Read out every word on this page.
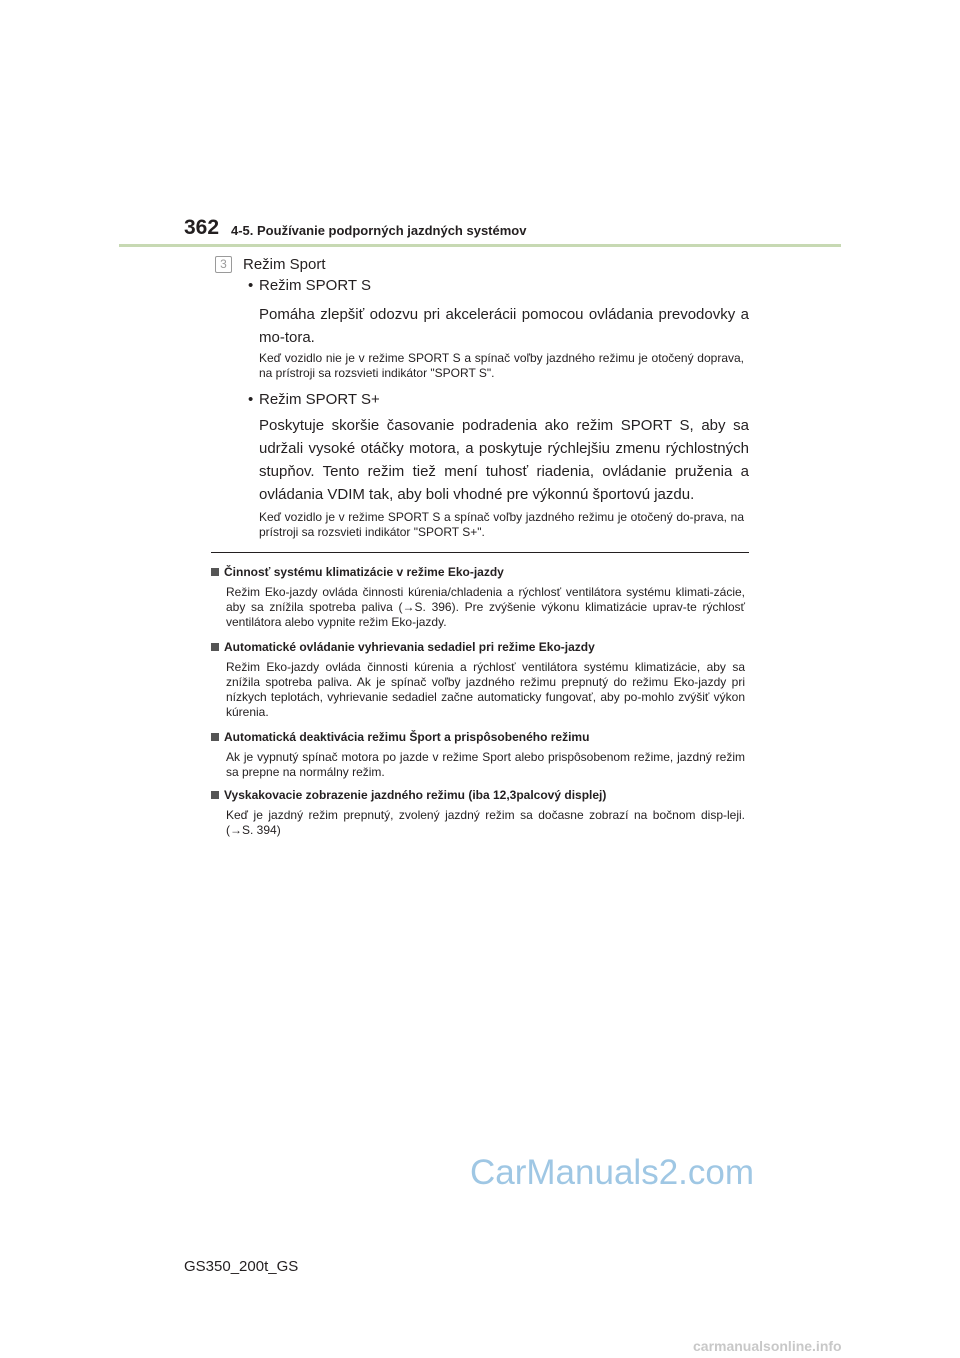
362 4-5. Používanie podporných jazdných systémov
3	Režim Sport
• Režim SPORT S

Pomáha zlepšiť odozvu pri akcelerácii pomocou ovládania prevodovky a mo-tora.

Keď vozidlo nie je v režime SPORT S a spínač voľby jazdného režimu je otočený doprava, na prístroji sa rozsvieti indikátor "SPORT S".

• Režim SPORT S+

Poskytuje skoršie časovanie podradenia ako režim SPORT S, aby sa udržali vysoké otáčky motora, a poskytuje rýchlejšiu zmenu rýchlostných stupňov. Tento režim tiež mení tuhosť riadenia, ovládanie pruženia a ovládania VDIM tak, aby boli vhodné pre výkonnú športovú jazdu.

Keď vozidlo je v režime SPORT S a spínač voľby jazdného režimu je otočený do-prava, na prístroji sa rozsvieti indikátor "SPORT S+".

Činnosť systému klimatizácie v režime Eko-jazdy

Režim Eko-jazdy ovláda činnosti kúrenia/chladenia a rýchlosť ventilátora systému klimati-zácie, aby sa znížila spotreba paliva (→S. 396). Pre zvýšenie výkonu klimatizácie uprav-te rýchlosť ventilátora alebo vypnite režim Eko-jazdy.

Automatické ovládanie vyhrievania sedadiel pri režime Eko-jazdy

Režim Eko-jazdy ovláda činnosti kúrenia a rýchlosť ventilátora systému klimatizácie, aby sa znížila spotreba paliva. Ak je spínač voľby jazdného režimu prepnutý do režimu Eko-jazdy pri nízkych teplotách, vyhrievanie sedadiel začne automaticky fungovať, aby po-mohlo zvýšiť výkon kúrenia.

Automatická deaktivácia režimu Šport a prispôsobeného režimu

Ak je vypnutý spínač motora po jazde v režime Sport alebo prispôsobenom režime, jazdný režim sa prepne na normálny režim.

Vyskakovacie zobrazenie jazdného režimu (iba 12,3palcový displej)

Keď je jazdný režim prepnutý, zvolený jazdný režim sa dočasne zobrazí na bočnom disp-leji. (→S. 394)

CarManuals2.com
GS350_200t_GS
carmanualsonline.info
